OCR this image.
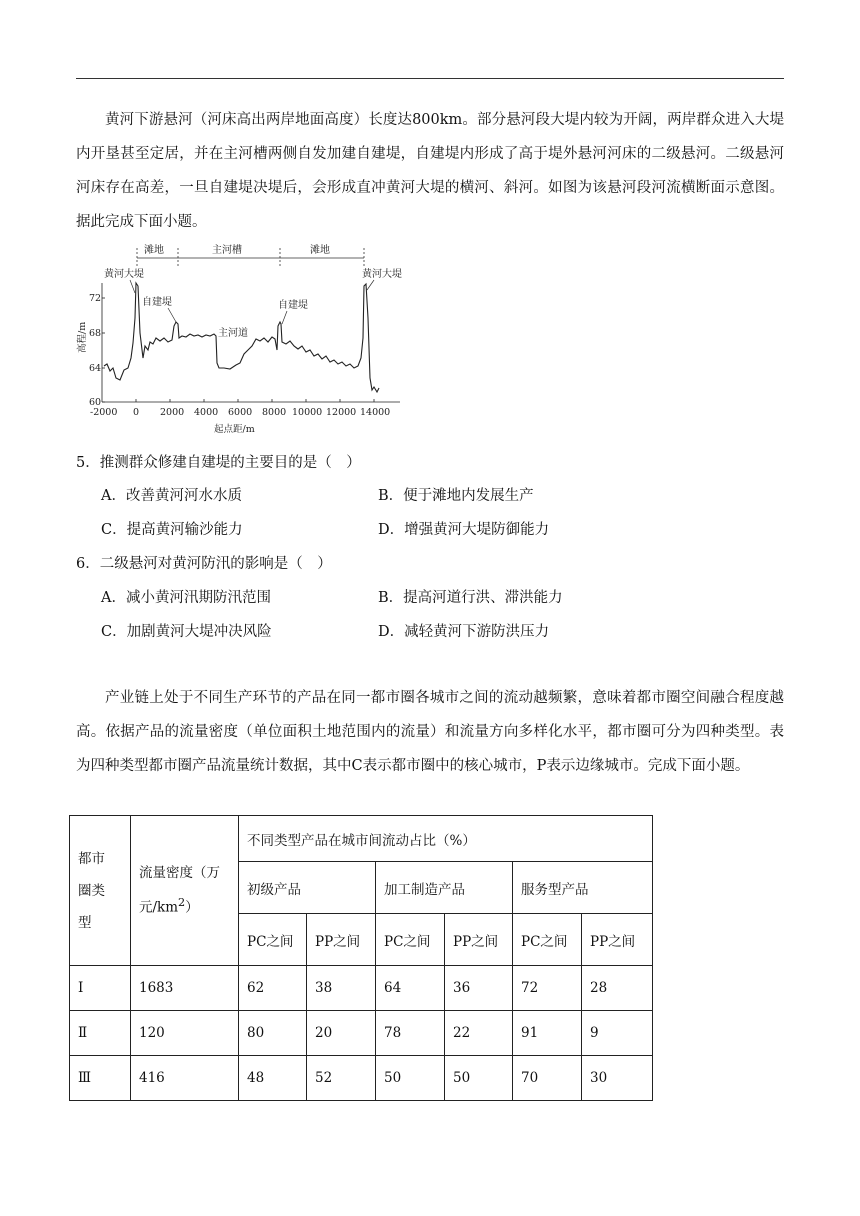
黄河下游悬河（河床高出两岸地面高度）长度达800km。部分悬河段大堤内较为开阔，两岸群众进入大堤内开垦甚至定居，并在主河槽两侧自发加建自建堤，自建堤内形成了高于堤外悬河河床的二级悬河。二级悬河河床存在高差，一旦自建堤决堤后，会形成直冲黄河大堤的横河、斜河。如图为该悬河段河流横断面示意图。据此完成下面小题。

滩地	主河槽	滩地
黄河大堤	黄河大堤
自建堤	自建堤
主河道
72
68
64
60
-2000 0 2000 4000 6000 8000 10000 12000 14000
起点距/m
高程/m
5．推测群众修建自建堤的主要目的是（　）
A．改善黄河河水水质	B．便于滩地内发展生产
C．提高黄河输沙能力	D．增强黄河大堤防御能力
6．二级悬河对黄河防汛的影响是（　）
A．减小黄河汛期防汛范围	B．提高河道行洪、滞洪能力
C．加剧黄河大堤冲决风险	D．减轻黄河下游防洪压力

产业链上处于不同生产环节的产品在同一都市圈各城市之间的流动越频繁，意味着都市圈空间融合程度越高。依据产品的流量密度（单位面积土地范围内的流量）和流量方向多样化水平，都市圈可分为四种类型。表为四种类型都市圈产品流量统计数据，其中C表示都市圈中的核心城市，P表示边缘城市。完成下面小题。

都市圈类型	流量密度（万元$/km^2$）	不同类型产品在城市间流动占比（%）					
		初级产品		加工制造产品		服务型产品	
		PC之间	PP之间	PC之间	PP之间	PC之间	PP之间
Ⅰ	1683	62	38	64	36	72	28
Ⅱ	120	80	20	78	22	91	9
Ⅲ	416	48	52	50	50	70	30
